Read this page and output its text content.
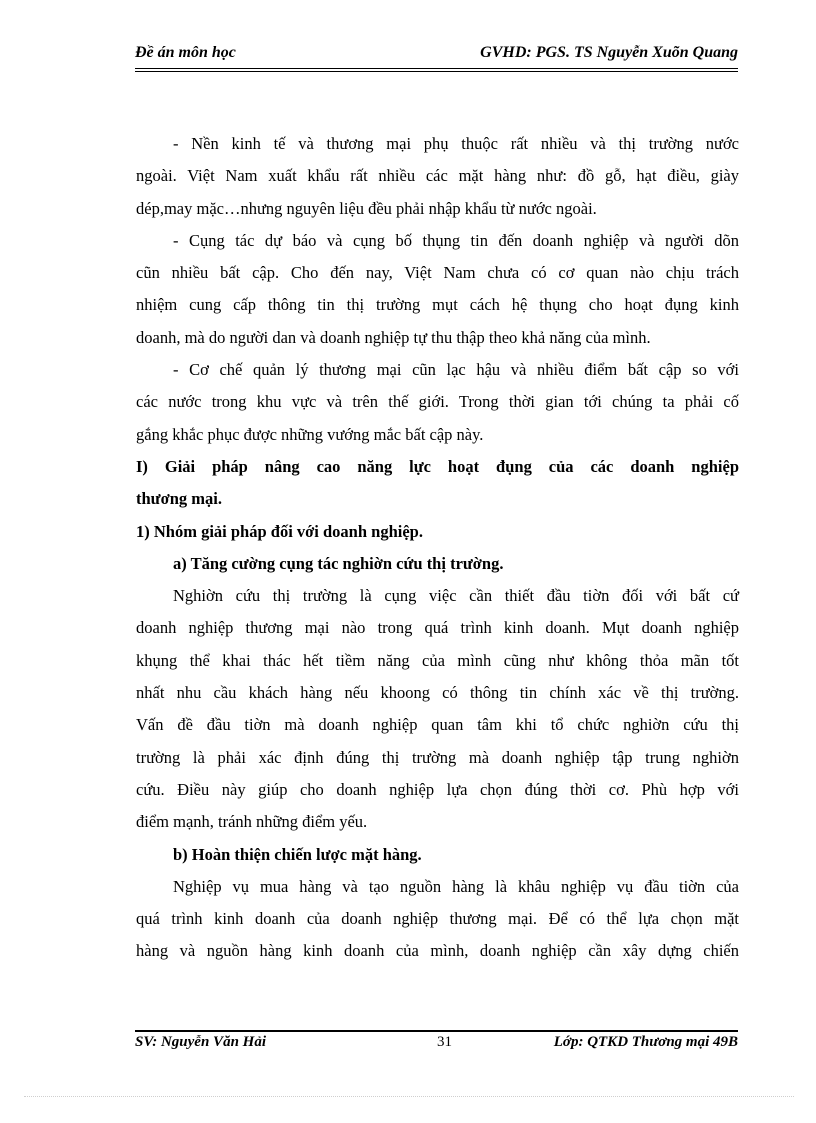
Đề án môn học	GVHD: PGS. TS Nguyễn Xuõn Quang
- Nền kinh tế và thương mại phụ thuộc rất nhiều và thị trường nước
ngoài. Việt Nam xuất khẩu rất nhiều các mặt hàng như: đồ gỗ, hạt điều, giày
dép,may mặc…nhưng nguyên liệu đều phải nhập khẩu từ nước ngoài.
- Cụng tác dự báo và cụng bố thụng tin đến doanh nghiệp và người dõn
cũn nhiều bất cập. Cho đến nay, Việt Nam chưa có cơ quan nào chịu trách
nhiệm cung cấp thông tin thị trường mụt cách hệ thụng cho hoạt đụng kinh
doanh, mà do người dan và doanh nghiệp tự thu thập theo khả năng của mình.
- Cơ chế quản lý thương mại cũn lạc hậu và nhiều điểm bất cập so với
các nước trong khu vực và trên thế giới. Trong thời gian tới chúng ta phải cố
gắng khắc phục được những vướng mắc bất cập này.
I) Giải pháp nâng cao năng lực hoạt đụng của các doanh nghiệp
thương mại.
1) Nhóm giải pháp đối với doanh nghiệp.
a) Tăng cường cụng tác nghiờn cứu thị trường.
Nghiờn cứu thị trường là cụng việc cần thiết đầu tiờn đối với bất cứ
doanh nghiệp thương mại nào trong quá trình kinh doanh. Mụt doanh nghiệp
khụng thể khai thác hết tiềm năng của mình cũng như không thỏa mãn tốt
nhất nhu cầu khách hàng nếu khoong có thông tin chính xác về thị trường.
Vấn đề đầu tiờn mà doanh nghiệp quan tâm khi tổ chức nghiờn cứu thị
trường là phải xác định đúng thị trường mà doanh nghiệp tập trung nghiờn
cứu. Điều này giúp cho doanh nghiệp lựa chọn đúng thời cơ. Phù hợp với
điểm mạnh, tránh những điểm yếu.
b) Hoàn thiện chiến lược mặt hàng.
Nghiệp vụ mua hàng và tạo nguồn hàng là khâu nghiệp vụ đầu tiờn của
quá trình kinh doanh của doanh nghiệp thương mại. Để có thể lựa chọn mặt
hàng và nguồn hàng kinh doanh của mình, doanh nghiệp cần xây dựng chiến
SV: Nguyễn Văn Hải	31	Lớp: QTKD Thương mại 49B
